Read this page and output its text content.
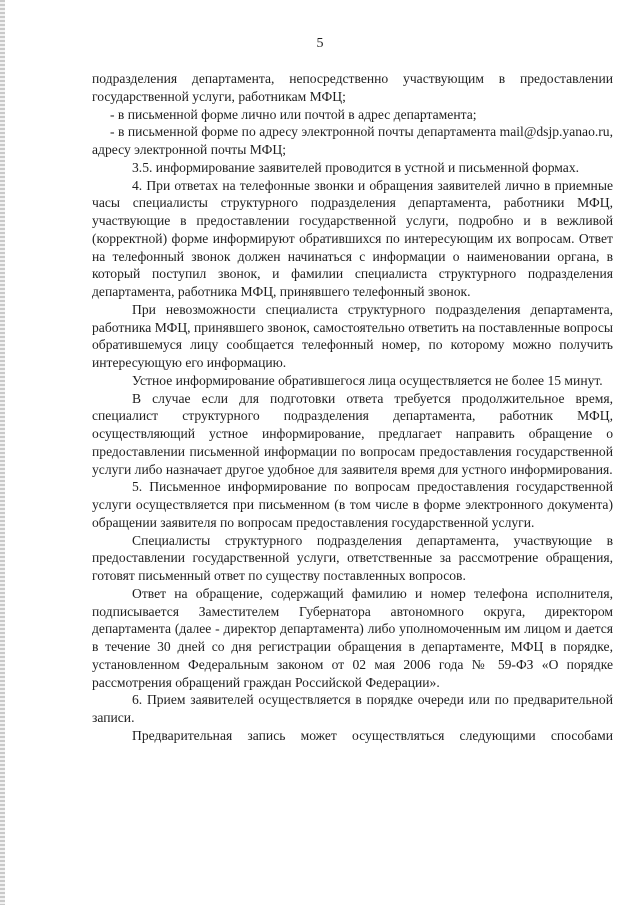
5

подразделения департамента, непосредственно участвующим в предоставлении государственной услуги, работникам МФЦ;

- в письменной форме лично или почтой в адрес департамента;

- в письменной форме по адресу электронной почты департамента mail@dsjp.yanao.ru, адресу электронной почты МФЦ;

3.5. информирование заявителей проводится в устной и письменной формах.

4. При ответах на телефонные звонки и обращения заявителей лично в приемные часы специалисты структурного подразделения департамента, работники МФЦ, участвующие в предоставлении государственной услуги, подробно и в вежливой (корректной) форме информируют обратившихся по интересующим их вопросам. Ответ на телефонный звонок должен начинаться с информации о наименовании органа, в который поступил звонок, и фамилии специалиста структурного подразделения департамента, работника МФЦ, принявшего телефонный звонок.

При невозможности специалиста структурного подразделения департамента, работника МФЦ, принявшего звонок, самостоятельно ответить на поставленные вопросы обратившемуся лицу сообщается телефонный номер, по которому можно получить интересующую его информацию.

Устное информирование обратившегося лица осуществляется не более 15 минут.

В случае если для подготовки ответа требуется продолжительное время, специалист структурного подразделения департамента, работник МФЦ, осуществляющий устное информирование, предлагает направить обращение о предоставлении письменной информации по вопросам предоставления государственной услуги либо назначает другое удобное для заявителя время для устного информирования.

5. Письменное информирование по вопросам предоставления государственной услуги осуществляется при письменном (в том числе в форме электронного документа) обращении заявителя по вопросам предоставления государственной услуги.

Специалисты структурного подразделения департамента, участвующие в предоставлении государственной услуги, ответственные за рассмотрение обращения, готовят письменный ответ по существу поставленных вопросов.

Ответ на обращение, содержащий фамилию и номер телефона исполнителя, подписывается Заместителем Губернатора автономного округа, директором департамента (далее - директор департамента) либо уполномоченным им лицом и дается в течение 30 дней со дня регистрации обращения в департаменте, МФЦ в порядке, установленном Федеральным законом от 02 мая 2006 года № 59-ФЗ «О порядке рассмотрения обращений граждан Российской Федерации».

6. Прием заявителей осуществляется в порядке очереди или по предварительной записи.

Предварительная запись может осуществляться следующими способами
